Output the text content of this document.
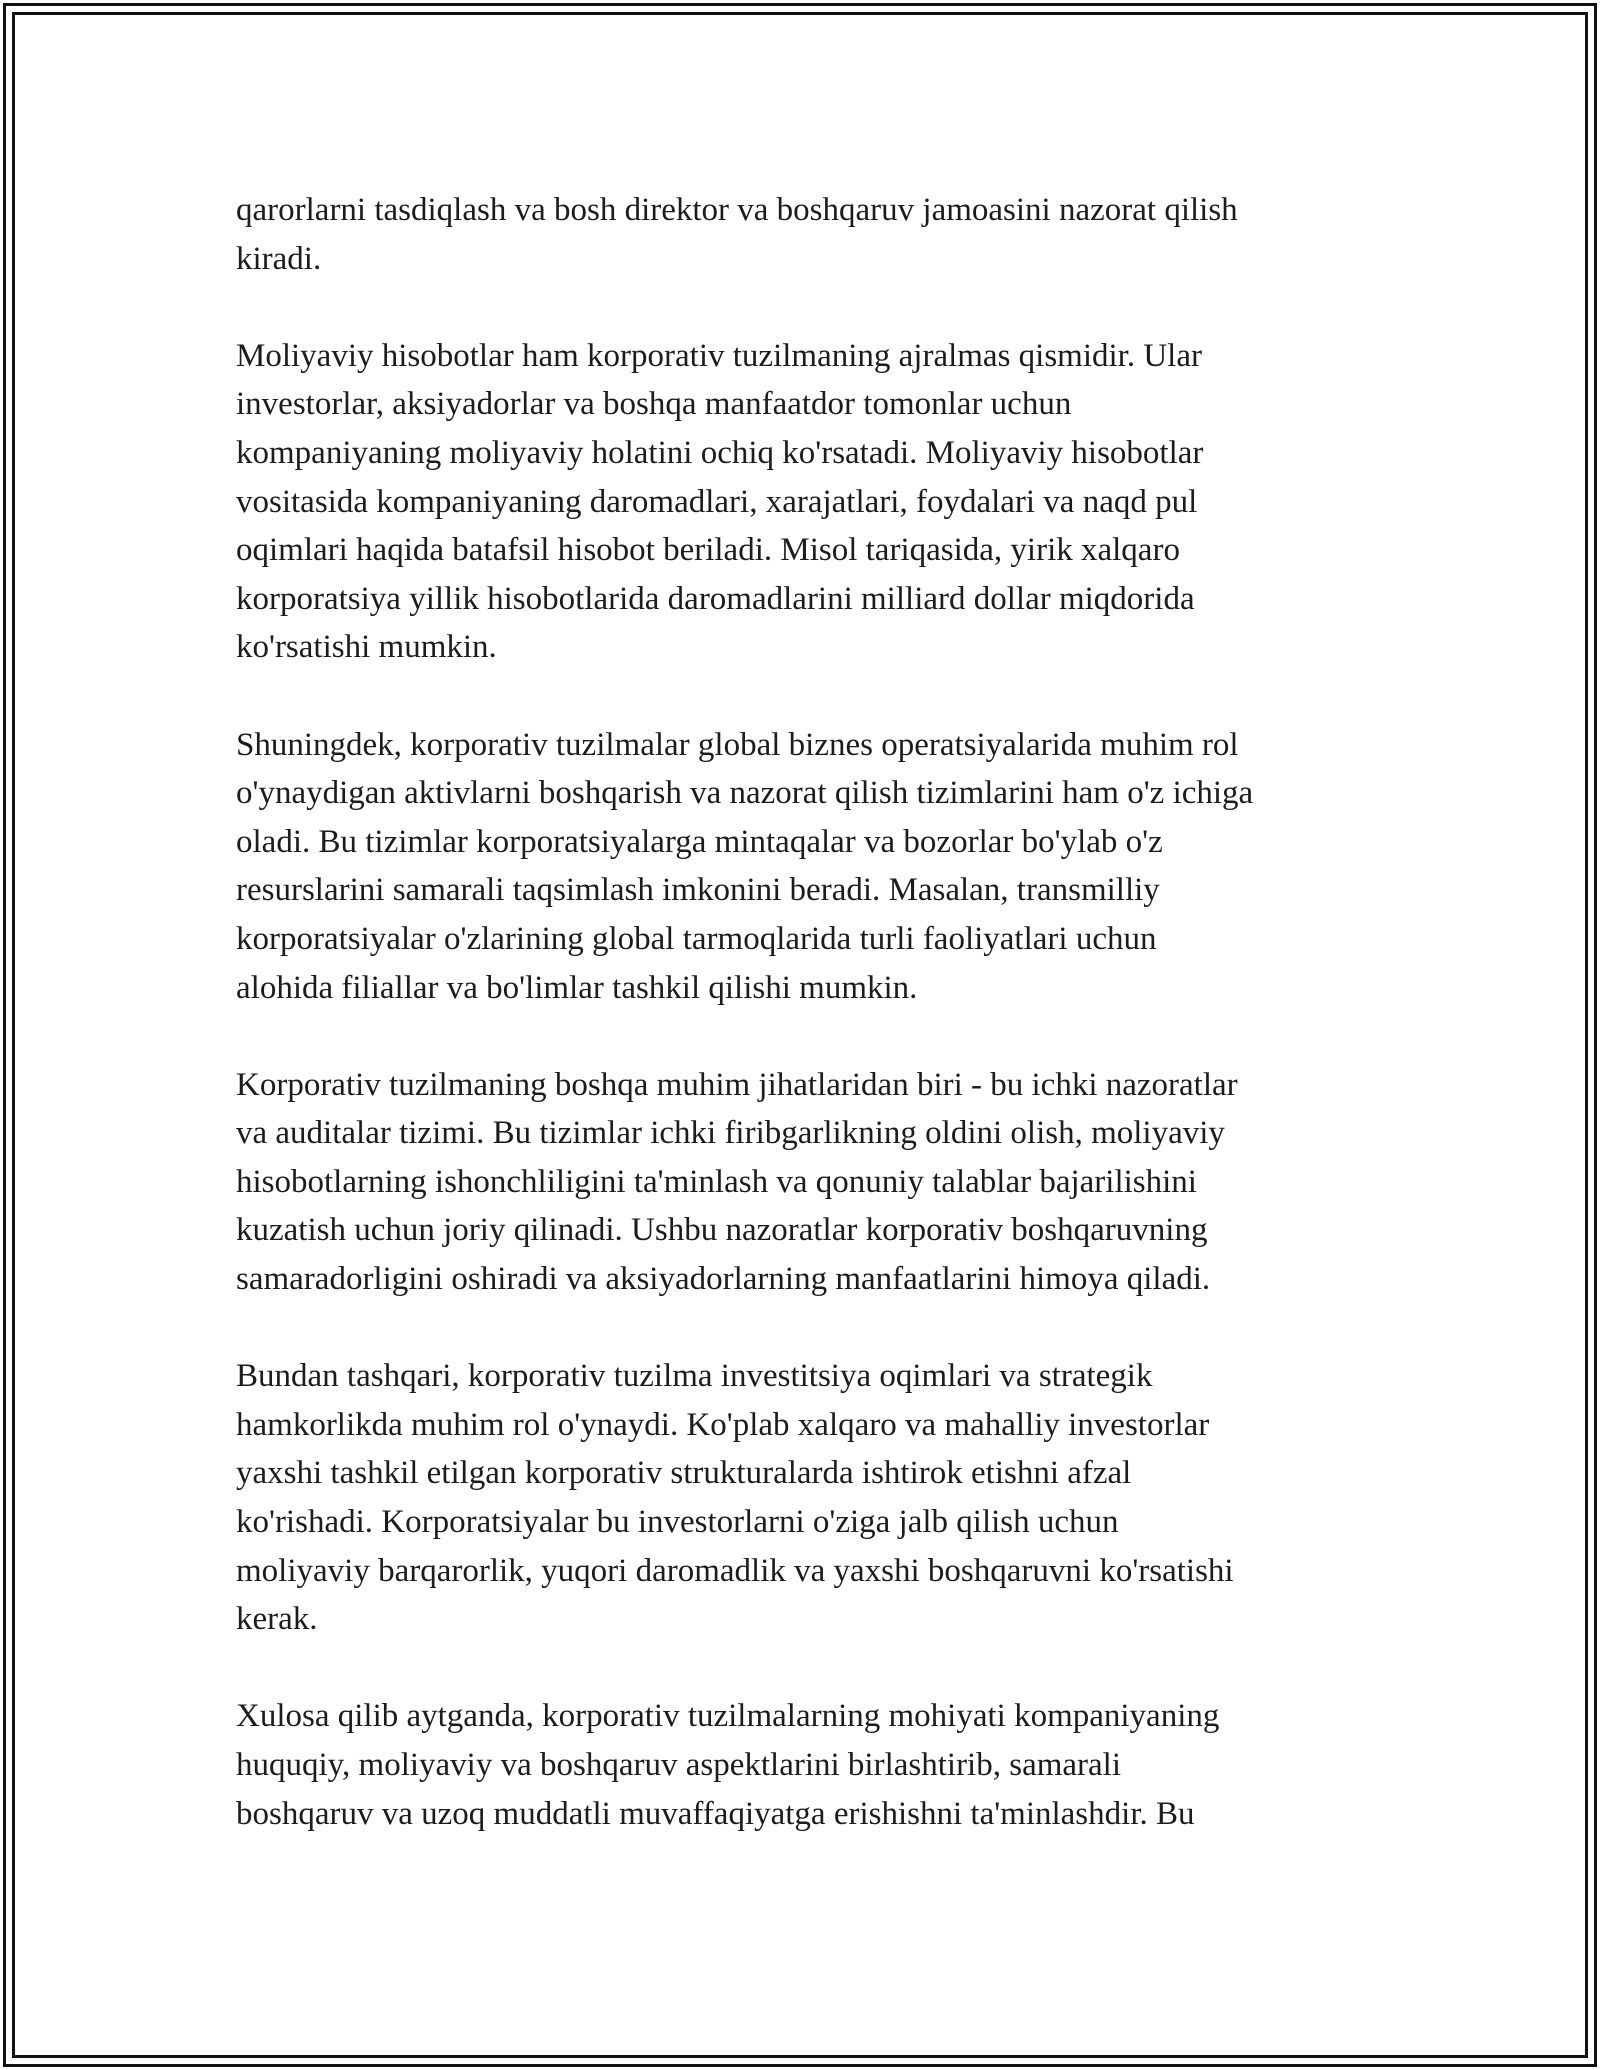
qarorlarni tasdiqlash va bosh direktor va boshqaruv jamoasini nazorat qilish
kiradi.

Moliyaviy hisobotlar ham korporativ tuzilmaning ajralmas qismidir. Ular
investorlar, aksiyadorlar va boshqa manfaatdor tomonlar uchun
kompaniyaning moliyaviy holatini ochiq ko'rsatadi. Moliyaviy hisobotlar
vositasida kompaniyaning daromadlari, xarajatlari, foydalari va naqd pul
oqimlari haqida batafsil hisobot beriladi. Misol tariqasida, yirik xalqaro
korporatsiya yillik hisobotlarida daromadlarini milliard dollar miqdorida
ko'rsatishi mumkin.

Shuningdek, korporativ tuzilmalar global biznes operatsiyalarida muhim rol
o'ynaydigan aktivlarni boshqarish va nazorat qilish tizimlarini ham o'z ichiga
oladi. Bu tizimlar korporatsiyalarga mintaqalar va bozorlar bo'ylab o'z
resurslarini samarali taqsimlash imkonini beradi. Masalan, transmilliy
korporatsiyalar o'zlarining global tarmoqlarida turli faoliyatlari uchun
alohida filiallar va bo'limlar tashkil qilishi mumkin.

Korporativ tuzilmaning boshqa muhim jihatlaridan biri - bu ichki nazoratlar
va auditalar tizimi. Bu tizimlar ichki firibgarlikning oldini olish, moliyaviy
hisobotlarning ishonchliligini ta'minlash va qonuniy talablar bajarilishini
kuzatish uchun joriy qilinadi. Ushbu nazoratlar korporativ boshqaruvning
samaradorligini oshiradi va aksiyadorlarning manfaatlarini himoya qiladi.

Bundan tashqari, korporativ tuzilma investitsiya oqimlari va strategik
hamkorlikda muhim rol o'ynaydi. Ko'plab xalqaro va mahalliy investorlar
yaxshi tashkil etilgan korporativ strukturalarda ishtirok etishni afzal
ko'rishadi. Korporatsiyalar bu investorlarni o'ziga jalb qilish uchun
moliyaviy barqarorlik, yuqori daromadlik va yaxshi boshqaruvni ko'rsatishi
kerak.

Xulosa qilib aytganda, korporativ tuzilmalarning mohiyati kompaniyaning
huquqiy, moliyaviy va boshqaruv aspektlarini birlashtirib, samarali
boshqaruv va uzoq muddatli muvaffaqiyatga erishishni ta'minlashdir. Bu
